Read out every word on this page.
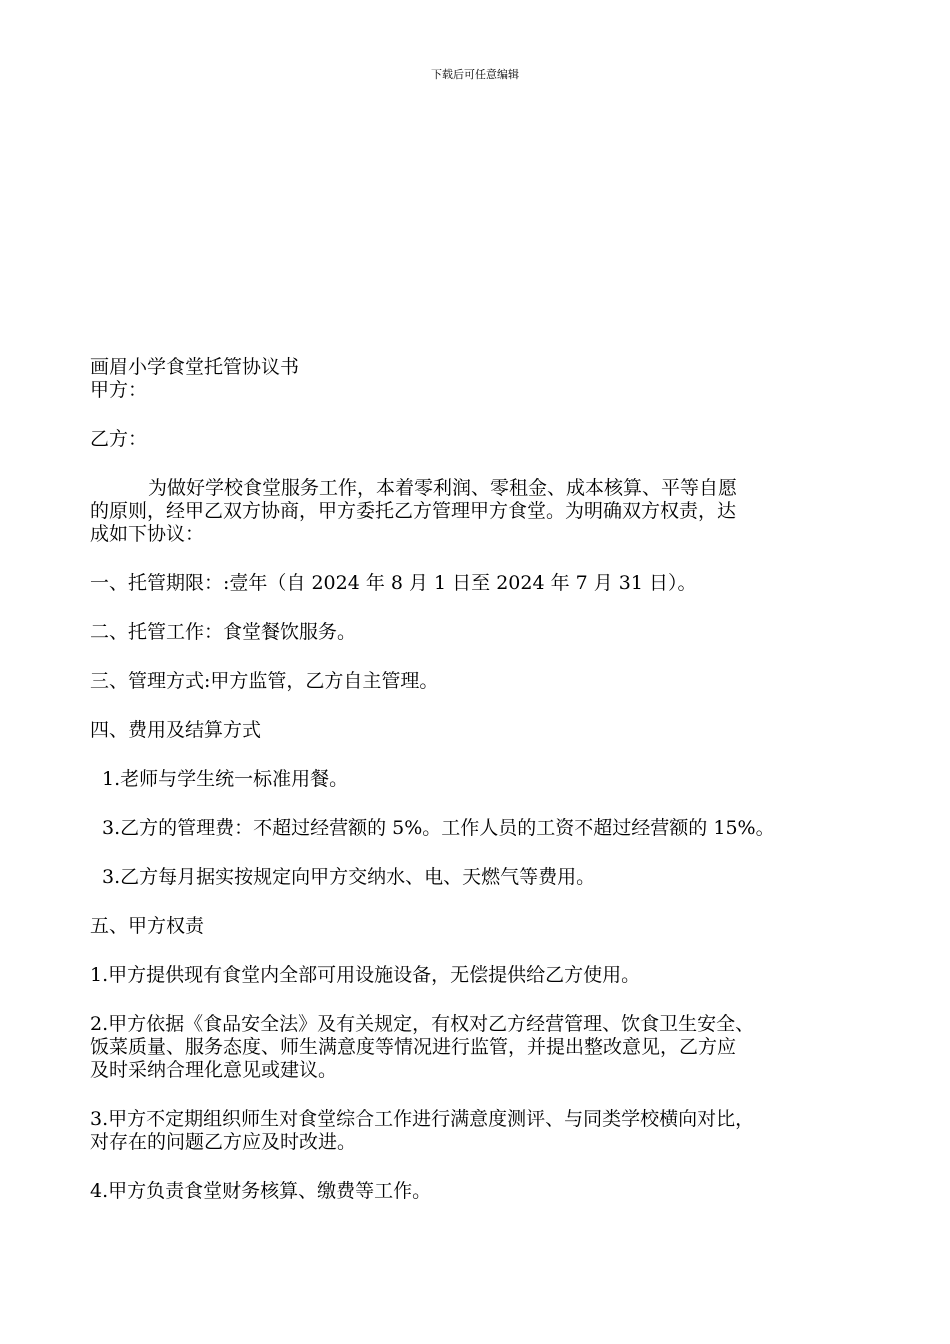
下载后可任意编辑

画眉小学食堂托管协议书

甲方：

乙方：

为做好学校食堂服务工作，本着零利润、零租金、成本核算、平等自愿

的原则，经甲乙双方协商，甲方委托乙方管理甲方食堂。为明确双方权责，达

成如下协议：

一、托管期限：:壹年（自 2024 年 8 月 1 日至 2024 年 7 月 31 日）。

二、托管工作：食堂餐饮服务。

三、管理方式:甲方监管，乙方自主管理。

四、费用及结算方式

1.老师与学生统一标准用餐。

3.乙方的管理费：不超过经营额的 5%。工作人员的工资不超过经营额的 15%。

3.乙方每月据实按规定向甲方交纳水、电、天燃气等费用。

五、甲方权责

1.甲方提供现有食堂内全部可用设施设备，无偿提供给乙方使用。

2.甲方依据《食品安全法》及有关规定，有权对乙方经营管理、饮食卫生安全、

饭菜质量、服务态度、师生满意度等情况进行监管，并提出整改意见，乙方应

及时采纳合理化意见或建议。

3.甲方不定期组织师生对食堂综合工作进行满意度测评、与同类学校横向对比，

对存在的问题乙方应及时改进。

4.甲方负责食堂财务核算、缴费等工作。
